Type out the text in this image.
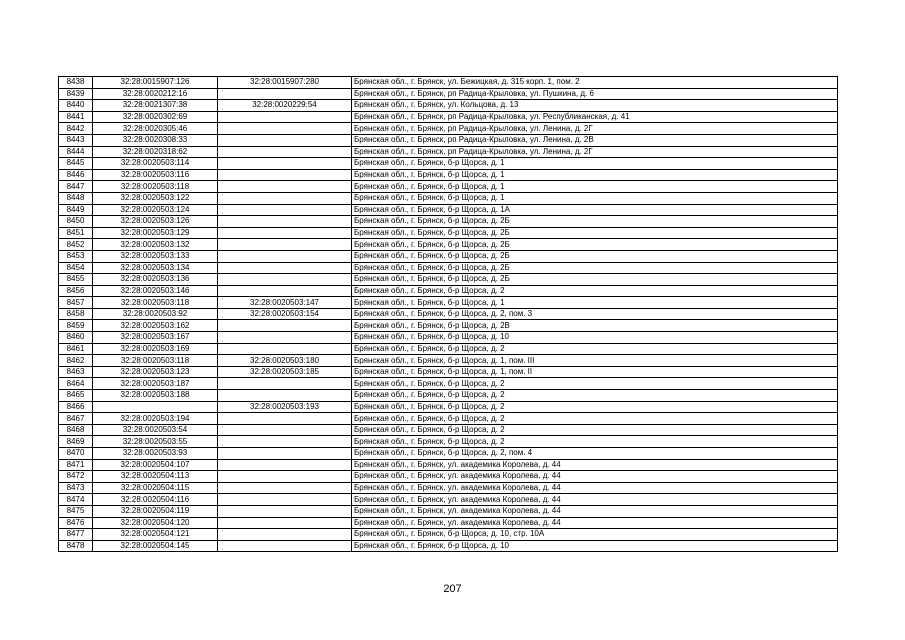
8438	32:28:0015907:126	32:28:0015907:280	Брянская обл., г. Брянск, ул. Бежицкая, д. 315 корп. 1, пом. 2
8439	32:28:0020212:16		Брянская обл., г. Брянск, рп Радица-Крыловка, ул. Пушкина, д. 6
8440	32:28:0021307:38	32:28:0020229:54	Брянская обл., г. Брянск, ул. Кольцова, д. 13
8441	32:28:0020302:69		Брянская обл., г. Брянск, рп Радица-Крыловка, ул. Республиканская, д. 41
8442	32:28:0020305:46		Брянская обл., г. Брянск, рп Радица-Крыловка, ул. Ленина, д. 2Г
8443	32:28:0020308:33		Брянская обл., г. Брянск, рп Радица-Крыловка, ул. Ленина, д. 2В
8444	32:28:0020318:62		Брянская обл., г. Брянск, рп Радица-Крыловка, ул. Ленина, д. 2Г
8445	32:28:0020503:114		Брянская обл., г. Брянск, б-р Щорса, д. 1
8446	32:28:0020503:116		Брянская обл., г. Брянск, б-р Щорса, д. 1
8447	32:28:0020503:118		Брянская обл., г. Брянск, б-р Щорса, д. 1
8448	32:28:0020503:122		Брянская обл., г. Брянск, б-р Щорса, д. 1
8449	32:28:0020503:124		Брянская обл., г. Брянск, б-р Щорса, д. 1А
8450	32:28:0020503:126		Брянская обл., г. Брянск, б-р Щорса, д. 2Б
8451	32:28:0020503:129		Брянская обл., г. Брянск, б-р Щорса, д. 2Б
8452	32:28:0020503:132		Брянская обл., г. Брянск, б-р Щорса, д. 2Б
8453	32:28:0020503:133		Брянская обл., г. Брянск, б-р Щорса, д. 2Б
8454	32:28:0020503:134		Брянская обл., г. Брянск, б-р Щорса, д. 2Б
8455	32:28:0020503:136		Брянская обл., г. Брянск, б-р Щорса, д. 2Б
8456	32:28:0020503:146		Брянская обл., г. Брянск, б-р Щорса, д. 2
8457	32:28:0020503:118	32:28:0020503:147	Брянская обл., г. Брянск, б-р Щорса, д. 1
8458	32:28:0020503:92	32:28:0020503:154	Брянская обл., г. Брянск, б-р Щорса, д. 2, пом. 3
8459	32:28:0020503:162		Брянская обл., г. Брянск, б-р Щорса, д. 2В
8460	32:28:0020503:167		Брянская обл., г. Брянск, б-р Щорса, д. 10
8461	32:28:0020503:169		Брянская обл., г. Брянск, б-р Щорса, д. 2
8462	32:28:0020503:118	32:28:0020503:180	Брянская обл., г. Брянск, б-р Щорса, д. 1, пом. III
8463	32:28:0020503:123	32:28:0020503:185	Брянская обл., г. Брянск, б-р Щорса, д. 1, пом. II
8464	32:28:0020503:187		Брянская обл., г. Брянск, б-р Щорса, д. 2
8465	32:28:0020503:188		Брянская обл., г. Брянск, б-р Щорса, д. 2
8466		32:28:0020503:193	Брянская обл., г. Брянск, б-р Щорса, д. 2
8467	32:28:0020503:194		Брянская обл., г. Брянск, б-р Щорса, д. 2
8468	32:28:0020503:54		Брянская обл., г. Брянск, б-р Щорса, д. 2
8469	32:28:0020503:55		Брянская обл., г. Брянск, б-р Щорса, д. 2
8470	32:28:0020503:93		Брянская обл., г. Брянск, б-р Щорса, д. 2, пом. 4
8471	32:28:0020504:107		Брянская обл., г. Брянск, ул. академика Королева, д. 44
8472	32:28:0020504:113		Брянская обл., г. Брянск, ул. академика Королева, д. 44
8473	32:28:0020504:115		Брянская обл., г. Брянск, ул. академика Королева, д. 44
8474	32:28:0020504:116		Брянская обл., г. Брянск, ул. академика Королева, д. 44
8475	32:28:0020504:119		Брянская обл., г. Брянск, ул. академика Королева, д. 44
8476	32:28:0020504:120		Брянская обл., г. Брянск, ул. академика Королева, д. 44
8477	32:28:0020504:121		Брянская обл., г. Брянск, б-р Щорса, д. 10, стр. 10А
8478	32:28:0020504:145		Брянская обл., г. Брянск, б-р Щорса, д. 10
207
